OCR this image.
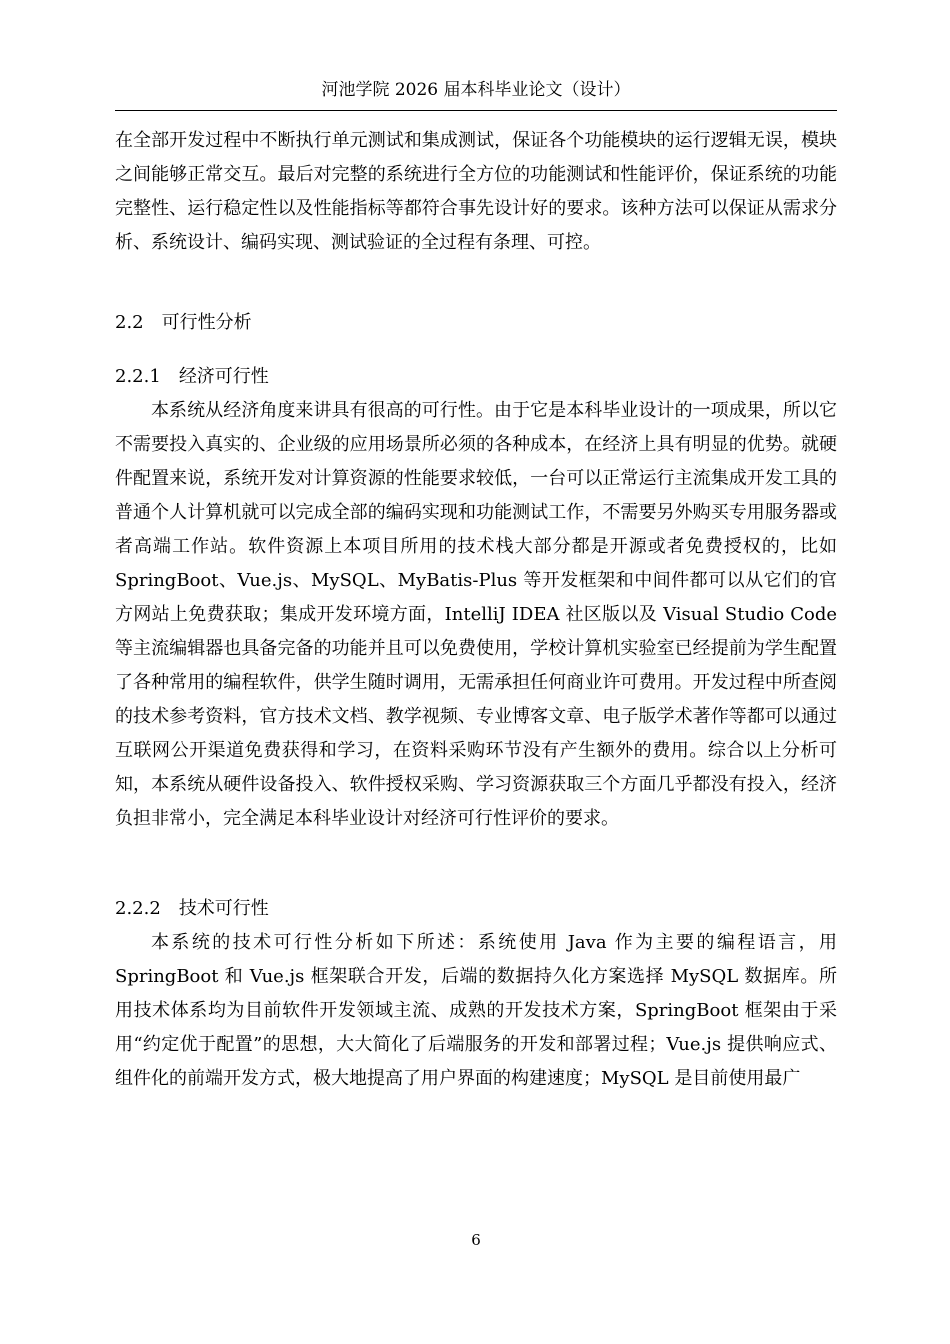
河池学院 2026 届本科毕业论文（设计）

在全部开发过程中不断执行单元测试和集成测试，保证各个功能模块的运行逻辑无误，模块之间能够正常交互。最后对完整的系统进行全方位的功能测试和性能评价，保证系统的功能完整性、运行稳定性以及性能指标等都符合事先设计好的要求。该种方法可以保证从需求分析、系统设计、编码实现、测试验证的全过程有条理、可控。

2.2 可行性分析
2.2.1 经济可行性

本系统从经济角度来讲具有很高的可行性。由于它是本科毕业设计的一项成果，所以它不需要投入真实的、企业级的应用场景所必须的各种成本，在经济上具有明显的优势。就硬件配置来说，系统开发对计算资源的性能要求较低，一台可以正常运行主流集成开发工具的普通个人计算机就可以完成全部的编码实现和功能测试工作，不需要另外购买专用服务器或者高端工作站。软件资源上本项目所用的技术栈大部分都是开源或者免费授权的，比如 SpringBoot、Vue.js、MySQL、MyBatis-Plus 等开发框架和中间件都可以从它们的官方网站上免费获取；集成开发环境方面，IntelliJ IDEA 社区版以及 Visual Studio Code 等主流编辑器也具备完备的功能并且可以免费使用，学校计算机实验室已经提前为学生配置了各种常用的编程软件，供学生随时调用，无需承担任何商业许可费用。开发过程中所查阅的技术参考资料，官方技术文档、教学视频、专业博客文章、电子版学术著作等都可以通过互联网公开渠道免费获得和学习，在资料采购环节没有产生额外的费用。综合以上分析可知，本系统从硬件设备投入、软件授权采购、学习资源获取三个方面几乎都没有投入，经济负担非常小，完全满足本科毕业设计对经济可行性评价的要求。

2.2.2 技术可行性

本系统的技术可行性分析如下所述：系统使用 Java 作为主要的编程语言，用 SpringBoot 和 Vue.js 框架联合开发，后端的数据持久化方案选择 MySQL 数据库。所用技术体系均为目前软件开发领域主流、成熟的开发技术方案，SpringBoot 框架由于采用“约定优于配置”的思想，大大简化了后端服务的开发和部署过程；Vue.js 提供响应式、组件化的前端开发方式，极大地提高了用户界面的构建速度；MySQL 是目前使用最广

6
